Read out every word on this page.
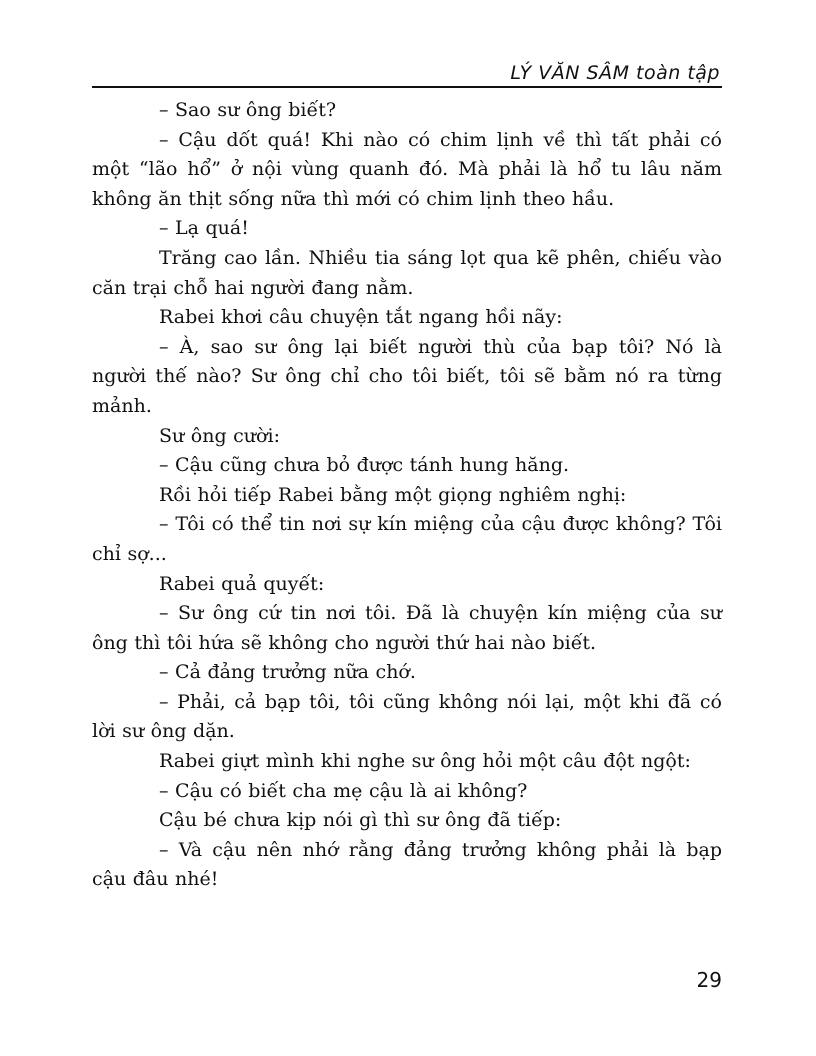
LÝ VĂN SÂM toàn tập

– Sao sư ông biết?

– Cậu dốt quá! Khi nào có chim lịnh về thì tất phải có một “lão hổ” ở nội vùng quanh đó. Mà phải là hổ tu lâu năm không ăn thịt sống nữa thì mới có chim lịnh theo hầu.

– Lạ quá!

Trăng cao lần. Nhiều tia sáng lọt qua kẽ phên, chiếu vào căn trại chỗ hai người đang nằm.

Rabei khơi câu chuyện tắt ngang hồi nãy:

– À, sao sư ông lại biết người thù của bạp tôi? Nó là người thế nào? Sư ông chỉ cho tôi biết, tôi sẽ bằm nó ra từng mảnh.

Sư ông cười:

– Cậu cũng chưa bỏ được tánh hung hăng.

Rồi hỏi tiếp Rabei bằng một giọng nghiêm nghị:

– Tôi có thể tin nơi sự kín miệng của cậu được không? Tôi chỉ sợ...

Rabei quả quyết:

– Sư ông cứ tin nơi tôi. Đã là chuyện kín miệng của sư ông thì tôi hứa sẽ không cho người thứ hai nào biết.

– Cả đảng trưởng nữa chớ.

– Phải, cả bạp tôi, tôi cũng không nói lại, một khi đã có lời sư ông dặn.

Rabei giựt mình khi nghe sư ông hỏi một câu đột ngột:

– Cậu có biết cha mẹ cậu là ai không?

Cậu bé chưa kịp nói gì thì sư ông đã tiếp:

– Và cậu nên nhớ rằng đảng trưởng không phải là bạp cậu đâu nhé!

29
